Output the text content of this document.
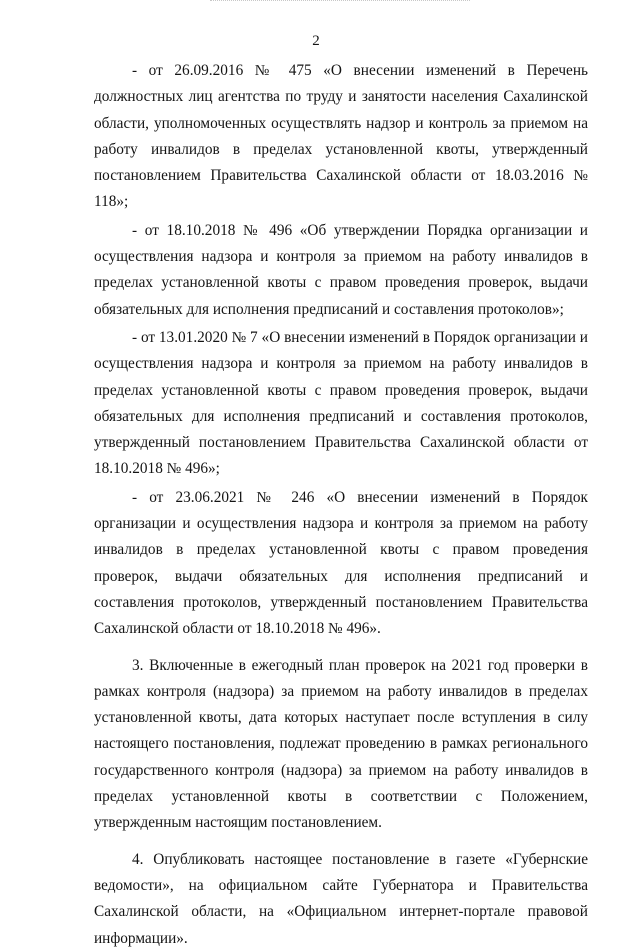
2

- от 26.09.2016 № 475 «О внесении изменений в Перечень должностных лиц агентства по труду и занятости населения Сахалинской области, уполномоченных осуществлять надзор и контроль за приемом на работу инвалидов в пределах установленной квоты, утвержденный постановлением Правительства Сахалинской области от 18.03.2016 № 118»;

- от 18.10.2018 № 496 «Об утверждении Порядка организации и осуществления надзора и контроля за приемом на работу инвалидов в пределах установленной квоты с правом проведения проверок, выдачи обязательных для исполнения предписаний и составления протоколов»;

- от 13.01.2020 № 7 «О внесении изменений в Порядок организации и осуществления надзора и контроля за приемом на работу инвалидов в пределах установленной квоты с правом проведения проверок, выдачи обязательных для исполнения предписаний и составления протоколов, утвержденный постановлением Правительства Сахалинской области от 18.10.2018 № 496»;

- от 23.06.2021 № 246 «О внесении изменений в Порядок организации и осуществления надзора и контроля за приемом на работу инвалидов в пределах установленной квоты с правом проведения проверок, выдачи обязательных для исполнения предписаний и составления протоколов, утвержденный постановлением Правительства Сахалинской области от 18.10.2018 № 496».

3. Включенные в ежегодный план проверок на 2021 год проверки в рамках контроля (надзора) за приемом на работу инвалидов в пределах установленной квоты, дата которых наступает после вступления в силу настоящего постановления, подлежат проведению в рамках регионального государственного контроля (надзора) за приемом на работу инвалидов в пределах установленной квоты в соответствии с Положением, утвержденным настоящим постановлением.

4. Опубликовать настоящее постановление в газете «Губернские ведомости», на официальном сайте Губернатора и Правительства Сахалинской области, на «Официальном интернет-портале правовой информации».
